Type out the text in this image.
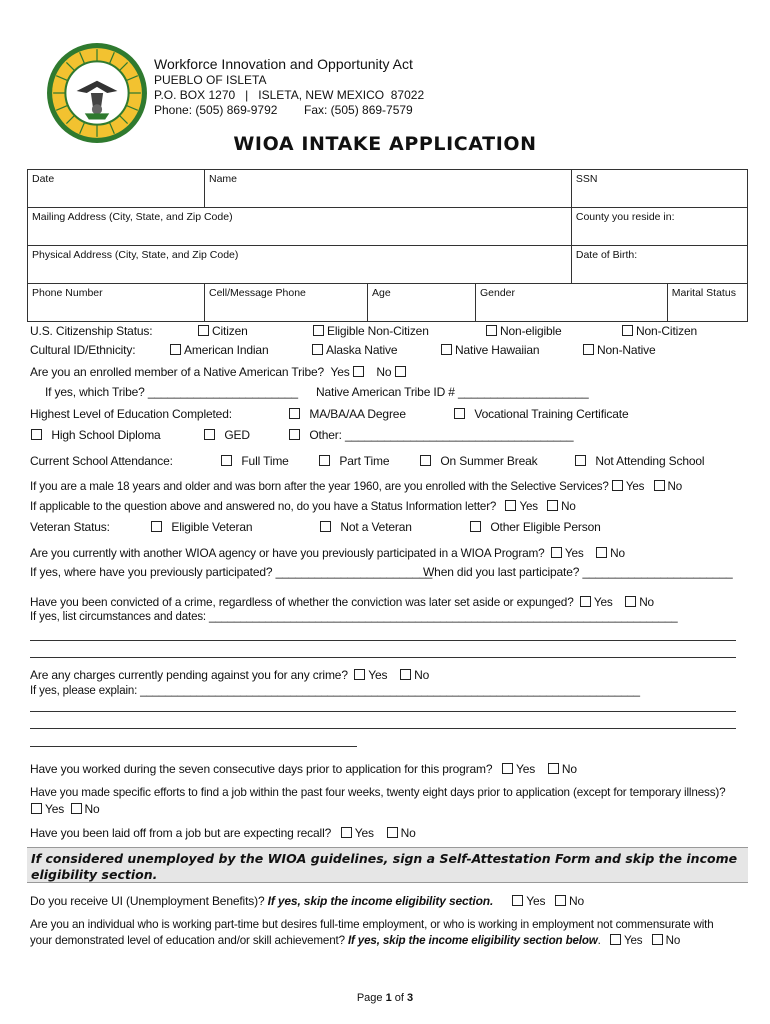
Workforce Innovation and Opportunity Act
PUEBLO OF ISLETA
P.O. BOX 1270   |   ISLETA, NEW MEXICO  87022
Phone: (505) 869-9792 Fax: (505) 869-7579
WIOA INTAKE APPLICATION
Date	Name			SSN	
Mailing Address (City, State, and Zip Code)				County you reside in:	
Physical Address (City, State, and Zip Code)				Date of Birth:	
Phone Number	Cell/Message Phone	Age	Gender		Marital Status
U.S. Citizenship Status:	Citizen	Eligible Non-Citizen	Non-eligible	Non-Citizen
Cultural ID/Ethnicity:	American Indian	Alaska Native	Native Hawaiian	Non-Native
Are you an enrolled member of a Native American Tribe? Yes No
If yes, which Tribe? _______________________ Native American Tribe ID # ____________________
Highest Level of Education Completed:	MA/BA/AA Degree	Vocational Training Certificate
High School Diploma	GED	Other: ___________________________________
Current School Attendance:	Full Time	Part Time	On Summer Break	Not Attending School
If you are a male 18 years and older and was born after the year 1960, are you enrolled with the Selective Services? Yes No
If applicable to the question above and answered no, do you have a Status Information letter? Yes No
Veteran Status:	Eligible Veteran	Not a Veteran	Other Eligible Person
Are you currently with another WIOA agency or have you previously participated in a WIOA Program? Yes No
If yes, where have you previously participated? ________________________
When did you last participate? _______________________
Have you been convicted of a crime, regardless of whether the conviction was later set aside or expunged? Yes No
If yes, list circumstances and dates: ___________________________________________________________________________
Are any charges currently pending against you for any crime? Yes No
If yes, please explain: ________________________________________________________________________________
Have you worked during the seven consecutive days prior to application for this program? Yes No
Have you made specific efforts to find a job within the past four weeks, twenty eight days prior to application (except for temporary illness)?
Yes No
Have you been laid off from a job but are expecting recall? Yes No
If considered unemployed by the WIOA guidelines, sign a Self-Attestation Form and skip the income eligibility section.
Do you receive UI (Unemployment Benefits)? If yes, skip the income eligibility section.	Yes No
Are you an individual who is working part-time but desires full-time employment, or who is working in employment not commensurate with
your demonstrated level of education and/or skill achievement? If yes, skip the income eligibility section below.   Yes No
Page 1 of 3
